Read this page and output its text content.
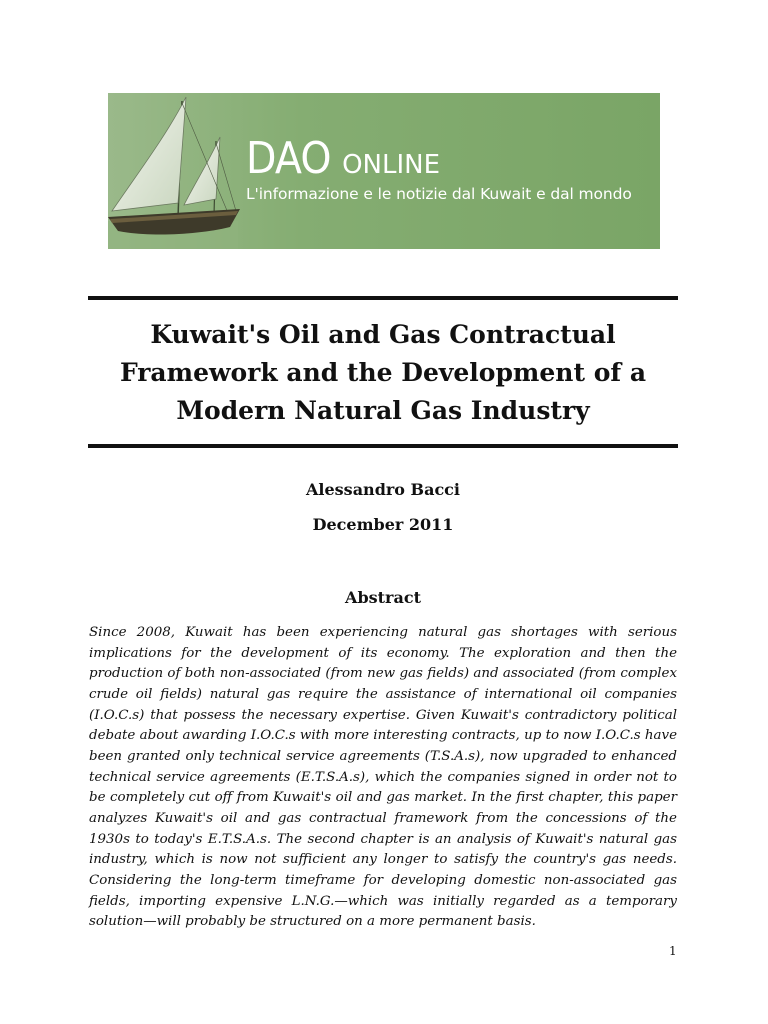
DAO ONLINE
L'informazione e le notizie dal Kuwait e dal mondo
Kuwait's Oil and Gas Contractual Framework and the Development of a Modern Natural Gas Industry

Alessandro Bacci

December 2011

Abstract

Since 2008, Kuwait has been experiencing natural gas shortages with serious implications for the development of its economy. The exploration and then the production of both non-associated (from new gas fields) and associated (from complex crude oil fields) natural gas require the assistance of international oil companies (I.O.C.s) that possess the necessary expertise. Given Kuwait's contradictory political debate about awarding I.O.C.s with more interesting contracts, up to now I.O.C.s have been granted only technical service agreements (T.S.A.s), now upgraded to enhanced technical service agreements (E.T.S.A.s), which the companies signed in order not to be completely cut off from Kuwait's oil and gas market. In the first chapter, this paper analyzes Kuwait's oil and gas contractual framework from the concessions of the 1930s to today's E.T.S.A.s. The second chapter is an analysis of Kuwait's natural gas industry, which is now not sufficient any longer to satisfy the country's gas needs. Considering the long-term timeframe for developing domestic non-associated gas fields, importing expensive L.N.G.—which was initially regarded as a temporary solution—will probably be structured on a more permanent basis.

1
